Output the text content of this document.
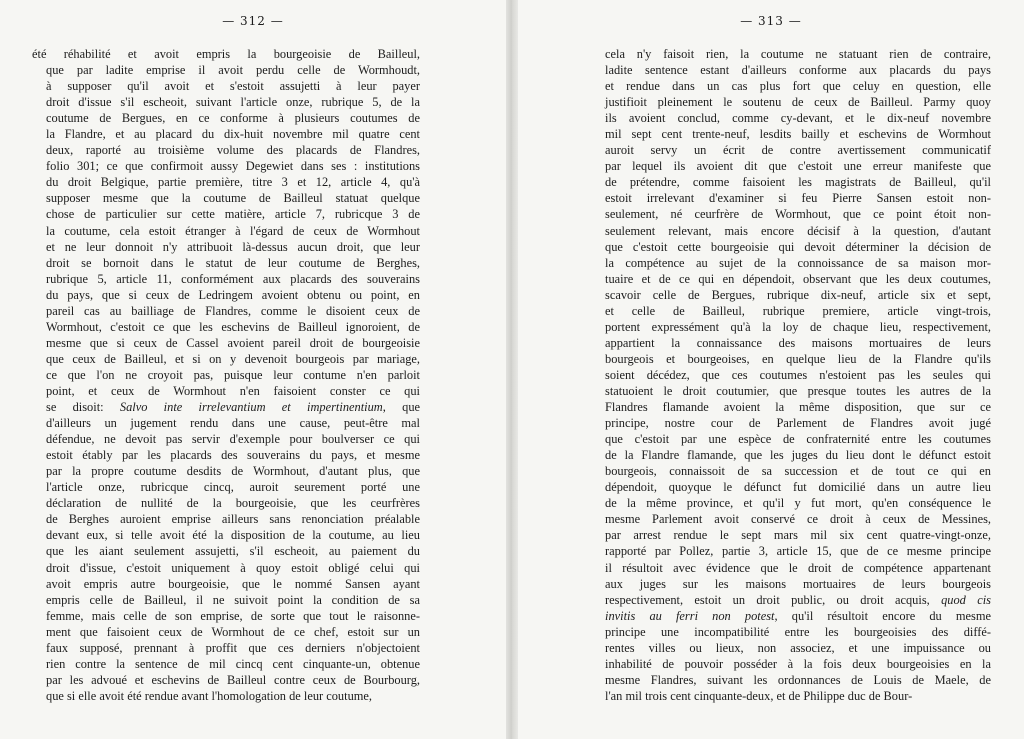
— 312 —
été réhabilité et avoit empris la bourgeoisie de Bailleul,
que par ladite emprise il avoit perdu celle de Wormhoudt,
à supposer qu'il avoit et s'estoit assujetti à leur payer
droit d'issue s'il escheoit, suivant l'article onze, rubrique 5, de la
coutume de Bergues, en ce conforme à plusieurs coutumes de
la Flandre, et au placard du dix-huit novembre mil quatre cent
deux, raporté au troisième volume des placards de Flandres,
folio 301; ce que confirmoit aussy Degewiet dans ses : institutions
du droit Belgique, partie première, titre 3 et 12, article 4, qu'à
supposer mesme que la coutume de Bailleul statuat quelque
chose de particulier sur cette matière, article 7, rubricque 3 de
la coutume, cela estoit étranger à l'égard de ceux de Wormhout
et ne leur donnoit n'y attribuoit là-dessus aucun droit, que leur
droit se bornoit dans le statut de leur coutume de Berghes,
rubrique 5, article 11, conformément aux placards des souverains
du pays, que si ceux de Ledringem avoient obtenu ou point, en
pareil cas au bailliage de Flandres, comme le disoient ceux de
Wormhout, c'estoit ce que les eschevins de Bailleul ignoroient, de
mesme que si ceux de Cassel avoient pareil droit de bourgeoisie
que ceux de Bailleul, et si on y devenoit bourgeois par mariage,
ce que l'on ne croyoit pas, puisque leur contume n'en parloit
point, et ceux de Wormhout n'en faisoient conster ce qui
se disoit: Salvo inte irrelevantium et impertinentium, que
d'ailleurs un jugement rendu dans une cause, peut-être mal
défendue, ne devoit pas servir d'exemple pour boulverser ce qui
estoit étably par les placards des souverains du pays, et mesme
par la propre coutume desdits de Wormhout, d'autant plus, que
l'article onze, rubricque cincq, auroit seurement porté une
déclaration de nullité de la bourgeoisie, que les ceurfrères
de Berghes auroient emprise ailleurs sans renonciation préalable
devant eux, si telle avoit été la disposition de la coutume, au lieu
que les aiant seulement assujetti, s'il escheoit, au paiement du
droit d'issue, c'estoit uniquement à quoy estoit obligé celui qui
avoit empris autre bourgeoisie, que le nommé Sansen ayant
empris celle de Bailleul, il ne suivoit point la condition de sa
femme, mais celle de son emprise, de sorte que tout le raisonne-
ment que faisoient ceux de Wormhout de ce chef, estoit sur un
faux supposé, prennant à proffit que ces derniers n'objectoient
rien contre la sentence de mil cincq cent cinquante-un, obtenue
par les advoué et eschevins de Bailleul contre ceux de Bourbourg,
que si elle avoit été rendue avant l'homologation de leur coutume,
— 313 —
cela n'y faisoit rien, la coutume ne statuant rien de contraire,
ladite sentence estant d'ailleurs conforme aux placards du pays
et rendue dans un cas plus fort que celuy en question, elle
justifioit pleinement le soutenu de ceux de Bailleul. Parmy quoy
ils avoient conclud, comme cy-devant, et le dix-neuf novembre
mil sept cent trente-neuf, lesdits bailly et eschevins de Wormhout
auroit servy un écrit de contre avertissement communicatif
par lequel ils avoient dit que c'estoit une erreur manifeste que
de prétendre, comme faisoient les magistrats de Bailleul, qu'il
estoit irrelevant d'examiner si feu Pierre Sansen estoit non-
seulement, né ceurfrère de Wormhout, que ce point étoit non-
seulement relevant, mais encore décisif à la question, d'autant
que c'estoit cette bourgeoisie qui devoit déterminer la décision de
la compétence au sujet de la connoissance de sa maison mor-
tuaire et de ce qui en dépendoit, observant que les deux coutumes,
scavoir celle de Bergues, rubrique dix-neuf, article six et sept,
et celle de Bailleul, rubrique premiere, article vingt-trois,
portent expressément qu'à la loy de chaque lieu, respectivement,
appartient la connaissance des maisons mortuaires de leurs
bourgeois et bourgeoises, en quelque lieu de la Flandre qu'ils
soient décédez, que ces coutumes n'estoient pas les seules qui
statuoient le droit coutumier, que presque toutes les autres de la
Flandres flamande avoient la même disposition, que sur ce
principe, nostre cour de Parlement de Flandres avoit jugé
que c'estoit par une espèce de confraternité entre les coutumes
de la Flandre flamande, que les juges du lieu dont le défunct estoit
bourgeois, connaissoit de sa succession et de tout ce qui en
dépendoit, quoyque le défunct fut domicilié dans un autre lieu
de la même province, et qu'il y fut mort, qu'en conséquence le
mesme Parlement avoit conservé ce droit à ceux de Messines,
par arrest rendue le sept mars mil six cent quatre-vingt-onze,
rapporté par Pollez, partie 3, article 15, que de ce mesme principe
il résultoit avec évidence que le droit de compétence appartenant
aux juges sur les maisons mortuaires de leurs bourgeois
respectivement, estoit un droit public, ou droit acquis, quod cis
invitis au ferri non potest, qu'il résultoit encore du mesme
principe une incompatibilité entre les bourgeoisies des diffé-
rentes villes ou lieux, non associez, et une impuissance ou
inhabilité de pouvoir posséder à la fois deux bourgeoisies en la
mesme Flandres, suivant les ordonnances de Louis de Maele, de
l'an mil trois cent cinquante-deux, et de Philippe duc de Bour-
